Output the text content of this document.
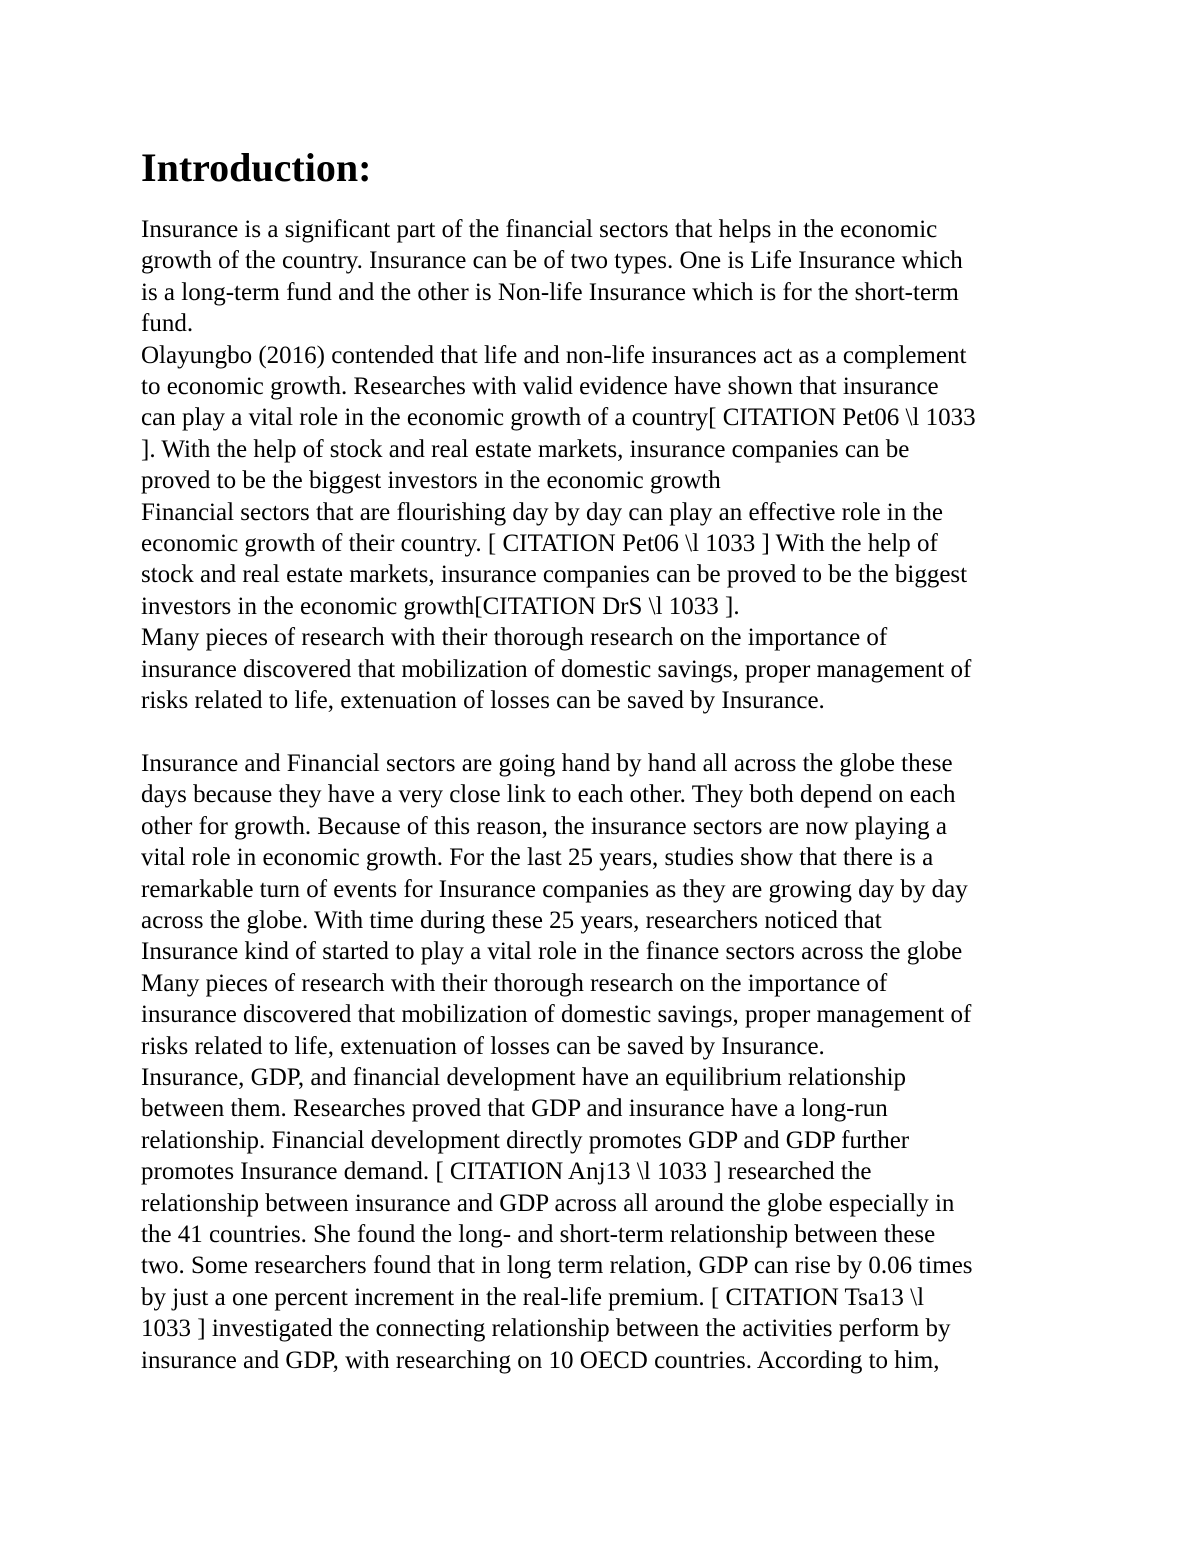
Introduction:

Insurance is a significant part of the financial sectors that helps in the economic

growth of the country. Insurance can be of two types. One is Life Insurance which

is a long-term fund and the other is Non-life Insurance which is for the short-term

fund.

Olayungbo (2016) contended that life and non-life insurances act as a complement

to economic growth. Researches with valid evidence have shown that insurance

can play a vital role in the economic growth of a country[ CITATION Pet06 \l 1033

]. With the help of stock and real estate markets, insurance companies can be

proved to be the biggest investors in the economic growth

Financial sectors that are flourishing day by day can play an effective role in the

economic growth of their country. [ CITATION Pet06 \l 1033 ] With the help of

stock and real estate markets, insurance companies can be proved to be the biggest

investors in the economic growth[CITATION DrS \l 1033 ].

Many pieces of research with their thorough research on the importance of

insurance discovered that mobilization of domestic savings, proper management of

risks related to life, extenuation of losses can be saved by Insurance.

Insurance and Financial sectors are going hand by hand all across the globe these

days because they have a very close link to each other. They both depend on each

other for growth. Because of this reason, the insurance sectors are now playing a

vital role in economic growth. For the last 25 years, studies show that there is a

remarkable turn of events for Insurance companies as they are growing day by day

across the globe. With time during these 25 years, researchers noticed that

Insurance kind of started to play a vital role in the finance sectors across the globe

Many pieces of research with their thorough research on the importance of

insurance discovered that mobilization of domestic savings, proper management of

risks related to life, extenuation of losses can be saved by Insurance.

Insurance, GDP, and financial development have an equilibrium relationship

between them. Researches proved that GDP and insurance have a long-run

relationship. Financial development directly promotes GDP and GDP further

promotes Insurance demand. [ CITATION Anj13 \l 1033 ] researched the

relationship between insurance and GDP across all around the globe especially in

the 41 countries. She found the long- and short-term relationship between these

two. Some researchers found that in long term relation, GDP can rise by 0.06 times

by just a one percent increment in the real-life premium. [ CITATION Tsa13 \l

1033 ] investigated the connecting relationship between the activities perform by

insurance and GDP, with researching on 10 OECD countries. According to him,
